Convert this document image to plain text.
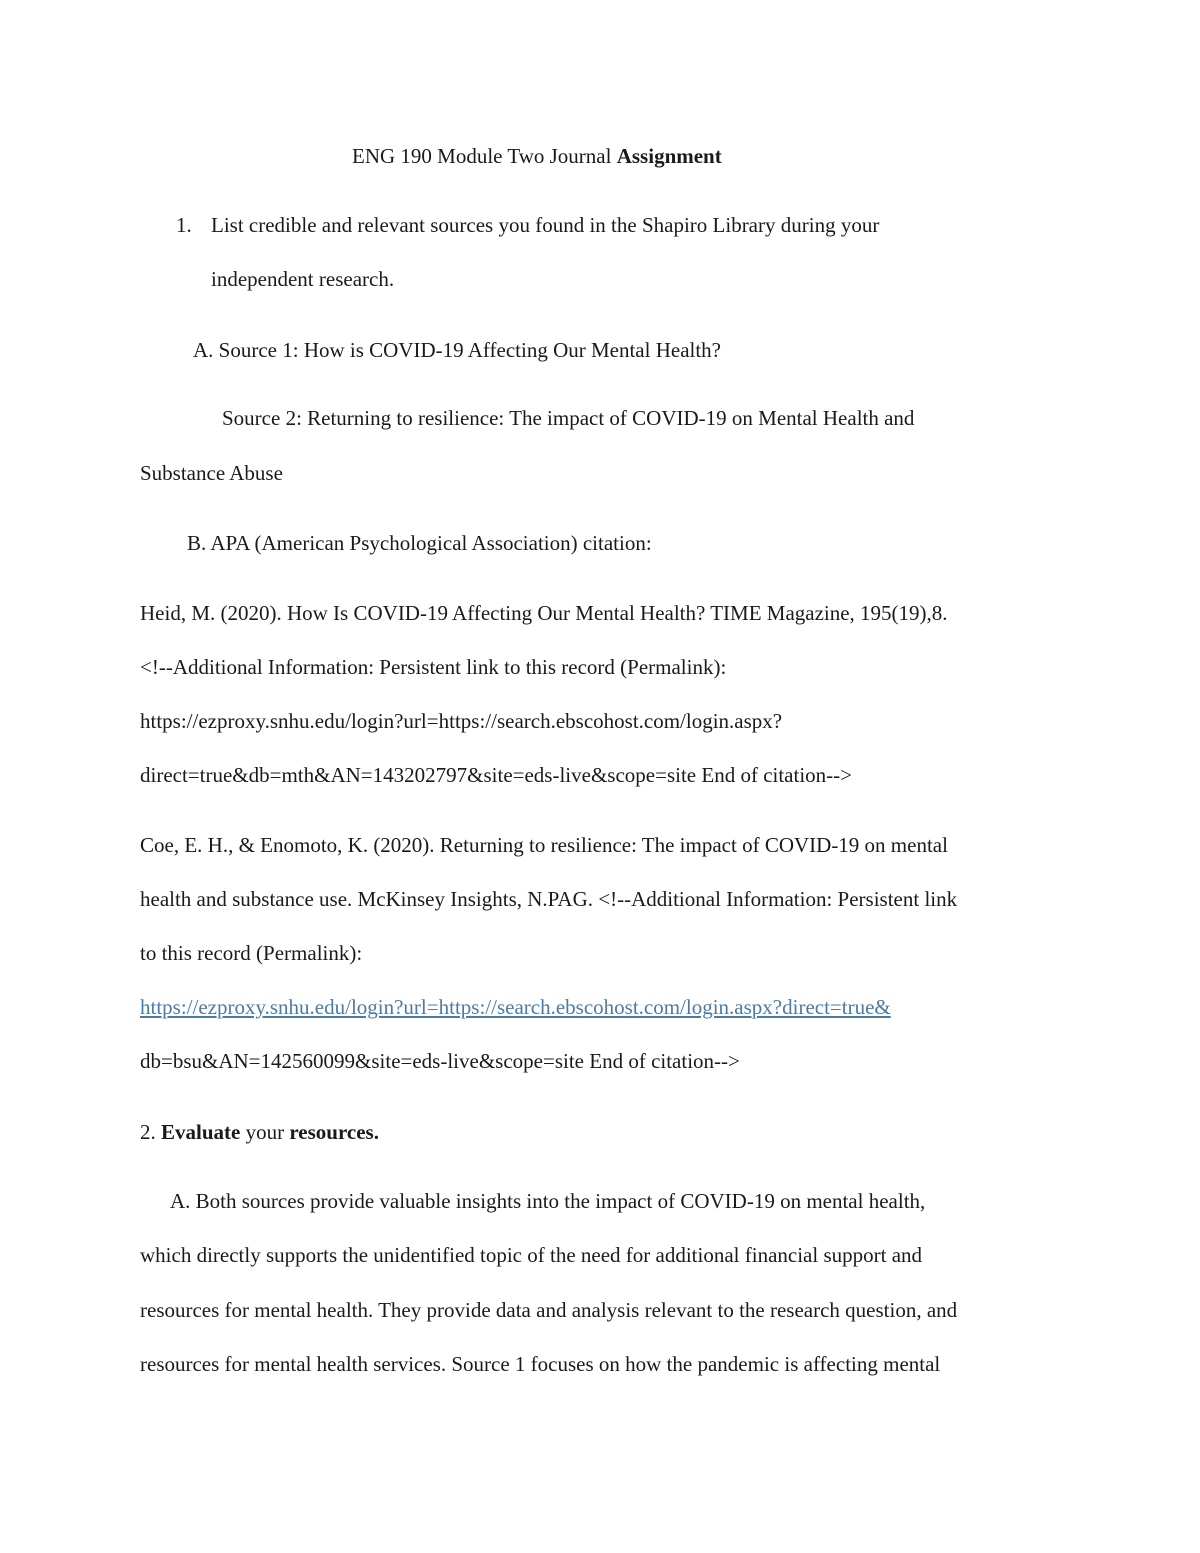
ENG 190 Module Two Journal Assignment
1. List credible and relevant sources you found in the Shapiro Library during your
independent research.
A. Source 1: How is COVID-19 Affecting Our Mental Health?
Source 2: Returning to resilience: The impact of COVID-19 on Mental Health and
Substance Abuse
B. APA (American Psychological Association) citation:
Heid, M. (2020). How Is COVID-19 Affecting Our Mental Health? TIME Magazine, 195(19),8.
<!--Additional Information: Persistent link to this record (Permalink):
https://ezproxy.snhu.edu/login?url=https://search.ebscohost.com/login.aspx?
direct=true&db=mth&AN=143202797&site=eds-live&scope=site End of citation-->
Coe, E. H., & Enomoto, K. (2020). Returning to resilience: The impact of COVID-19 on mental
health and substance use. McKinsey Insights, N.PAG. <!--Additional Information: Persistent link
to this record (Permalink):
https://ezproxy.snhu.edu/login?url=https://search.ebscohost.com/login.aspx?direct=true&
db=bsu&AN=142560099&site=eds-live&scope=site End of citation-->
2. Evaluate your resources.
A. Both sources provide valuable insights into the impact of COVID-19 on mental health,
which directly supports the unidentified topic of the need for additional financial support and
resources for mental health. They provide data and analysis relevant to the research question, and
resources for mental health services. Source 1 focuses on how the pandemic is affecting mental
